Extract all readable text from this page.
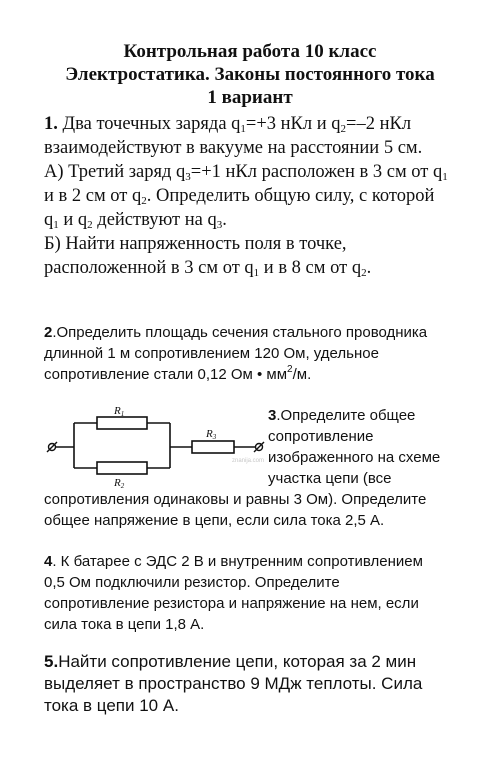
Контрольная работа 10 класс

Электростатика. Законы постоянного тока

1 вариант

1. Два точечных заряда $q_1=+3$ нКл и $q_2=-2$ нКл
взаимодействуют в вакууме на расстоянии 5 см.
А) Третий заряд $q_3=+1$ нКл расположен в 3 см от $q_1$
и в 2 см от $q_2$. Определить общую силу, с которой
$q_1$ и $q_2$ действуют на $q_3$.
Б) Найти напряженность поля в точке,
расположенной в 3 см от $q_1$ и в 8 см от $q_2$.
2.Определить площадь сечения стального проводника
длинной 1 м сопротивлением 120 Ом, удельное
сопротивление стали 0,12 Ом • $мм^2/м$.
R1
R2
R3
znanija.com
3.Определите общее
сопротивление
изображенного на схеме
участка цепи (все
сопротивления одинаковы и равны 3 Ом). Определите
общее напряжение в цепи, если сила тока 2,5 А.
4. К батарее с ЭДС 2 В и внутренним сопротивлением
0,5 Ом подключили резистор. Определите
сопротивление резистора и напряжение на нем, если
сила тока в цепи 1,8 А.
5.Найти сопротивление цепи, которая за 2 мин
выделяет в пространство 9 МДж теплоты. Сила
тока в цепи 10 А.
